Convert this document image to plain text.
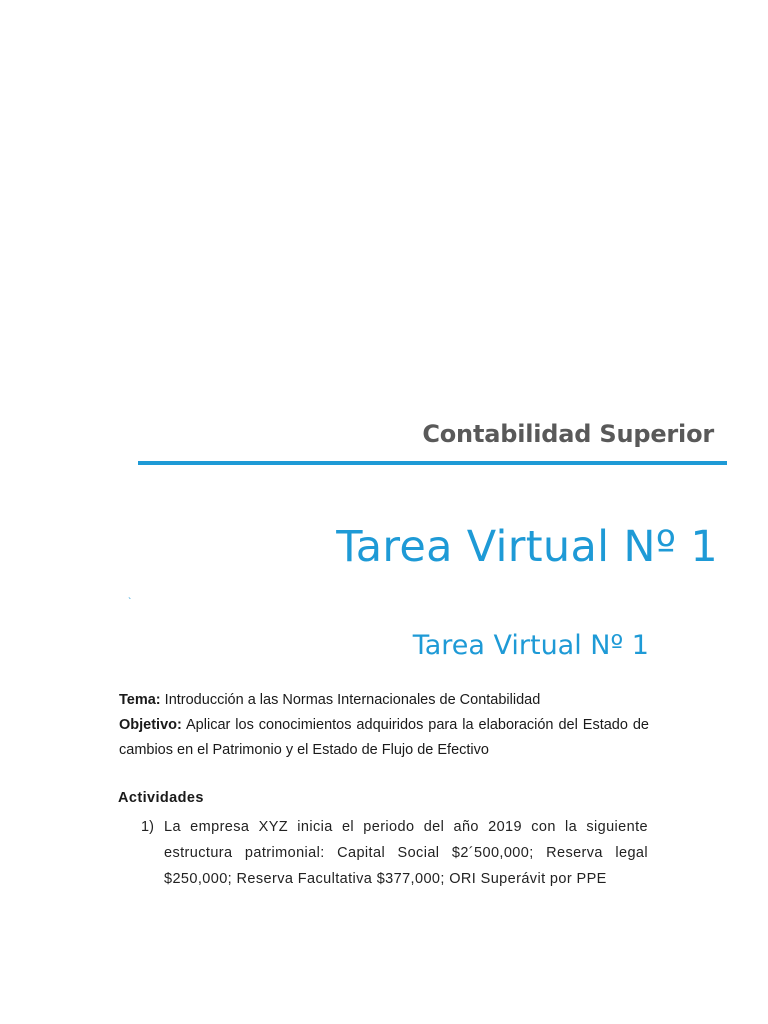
Contabilidad Superior
Tarea Virtual Nº 1
`
Tarea Virtual Nº 1

Tema: Introducción a las Normas Internacionales de Contabilidad

Objetivo: Aplicar los conocimientos adquiridos para la elaboración del Estado de cambios en el Patrimonio y el Estado de Flujo de Efectivo

Actividades
1) La empresa XYZ inicia el periodo del año 2019 con la siguiente estructura patrimonial: Capital Social $2´500,000; Reserva legal $250,000; Reserva Facultativa $377,000; ORI Superávit por PPE
